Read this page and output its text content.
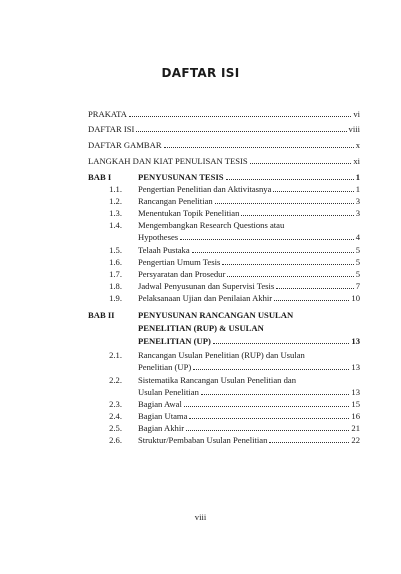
DAFTAR ISI
PRAKATA	vi
DAFTAR ISI	viii
DAFTAR GAMBAR	x
LANGKAH DAN KIAT PENULISAN TESIS	xi
BAB I	PENYUSUNAN TESIS	1
1.1. Pengertian Penelitian dan Aktivitasnya	1
1.2. Rancangan Penelitian	3
1.3. Menentukan Topik Penelitian	3
1.4. Mengembangkan Research Questions atau
Hypotheses	4
1.5. Telaah Pustaka	5
1.6. Pengertian Umum Tesis	5
1.7. Persyaratan dan Prosedur	5
1.8. Jadwal Penyusunan dan Supervisi Tesis	7
1.9. Pelaksanaan Ujian dan Penilaian Akhir	10
BAB II	PENYUSUNAN RANCANGAN USULAN
PENELITIAN (RUP) & USULAN
PENELITIAN (UP)	13
2.1. Rancangan Usulan Penelitian (RUP) dan Usulan
Penelitian (UP)	13
2.2. Sistematika Rancangan Usulan Penelitian dan
Usulan Penelitian	13
2.3. Bagian Awal	15
2.4. Bagian Utama	16
2.5. Bagian Akhir	21
2.6. Struktur/Pembaban Usulan Penelitian	22
viii
